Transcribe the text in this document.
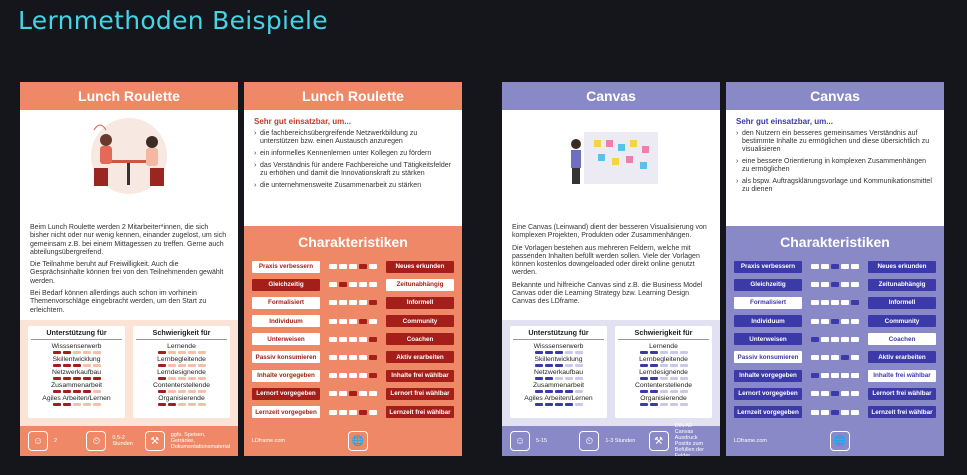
Lernmethoden Beispiele
Lunch Roulette

Beim Lunch Roulette werden 2 Mitarbeiter*innen, die sich bisher nicht oder nur wenig kennen, einander zugelost, um sich gemeinsam z.B. bei einem Mittagessen zu treffen. Gerne auch abteilungsübergreifend.

Die Teilnahme beruht auf Freiwilligkeit. Auch die Gesprächsinhalte können frei von den Teilnehmenden gewählt werden.

Bei Bedarf können allerdings auch schon im vorhinein Themenvorschläge eingebracht werden, um den Start zu erleichtern.

Unterstützung für
Wisssenserwerb
Skillentwicklung
Netzwerkaufbau
Zusammenarbeit
Agiles Arbeiten/Lernen
Schwierigkeit für
Lernende
Lernbegleitende
Lerndesignende
Contenterstellende
Organisierende
☺	2	⏲	0,5-2 Stunden	⚒
ggfs. Speisen, Getränke, Dokumentationsmaterial
Lunch Roulette
Sehr gut einsatzbar, um...
› die fachbereichsübergreifende Netzwerkbildung zu unterstützen bzw. einen Austausch anzuregen
› ein informelles Kennenlernen unter Kollegen zu fördern
› das Verständnis für andere Fachbereiche und Tätigkeitsfelder zu erhöhen und damit die Innovationskraft zu stärken
› die unternehmensweite Zusammenarbeit zu stärken
Charakteristiken
Praxis verbessern	Neues erkunden
Gleichzeitig	Zeitunabhängig
Formalisiert	Informell
Individuum	Community
Unterweisen	Coachen
Passiv konsumieren	Aktiv erarbeiten
Inhalte vorgegeben	Inhalte frei wählbar
Lernort vorgegeben	Lernort frei wählbar
Lernzeit vorgegeben	Lernzeit frei wählbar
LDframe.com	🌐
Canvas

Eine Canvas (Leinwand) dient der besseren Visualisierung von komplexen Projekten, Produkten oder Zusammenhängen.

Die Vorlagen bestehen aus mehreren Feldern, welche mit passenden Inhalten befüllt werden sollen. Viele der Vorlagen können kostenlos downgeloaded oder direkt online genutzt werden.

Bekannte und hilfreiche Canvas sind z.B. die Business Model Canvas oder die Learning Strategy bzw. Learning Design Canvas des LDframe.

Unterstützung für
Wisssenserwerb
Skillentwicklung
Netzwerkaufbau
Zusammenarbeit
Agiles Arbeiten/Lernen
Schwierigkeit für
Lernende
Lernbegleitende
Lerndesignende
Contenterstellende
Organisierende
☺	5-15	⏲	1-3 Stunden	⚒
DIN A0 Canvas Ausdruck Postits zum Befüllen der Felder
Canvas
Sehr gut einsatzbar, um...
› den Nutzern ein besseres gemeinsames Verständnis auf bestimmte Inhalte zu ermöglichen und diese übersichtlich zu visualisieren
› eine bessere Orientierung in komplexen Zusammenhängen zu ermöglichen
› als bspw. Auftragsklärungsvorlage und Kommunikationsmittel zu dienen
Charakteristiken
Praxis verbessern	Neues erkunden
Gleichzeitig	Zeitunabhängig
Formalisiert	Informell
Individuum	Community
Unterweisen	Coachen
Passiv konsumieren	Aktiv erarbeiten
Inhalte vorgegeben	Inhalte frei wählbar
Lernort vorgegeben	Lernort frei wählbar
Lernzeit vorgegeben	Lernzeit frei wählbar
LDframe.com	🌐
